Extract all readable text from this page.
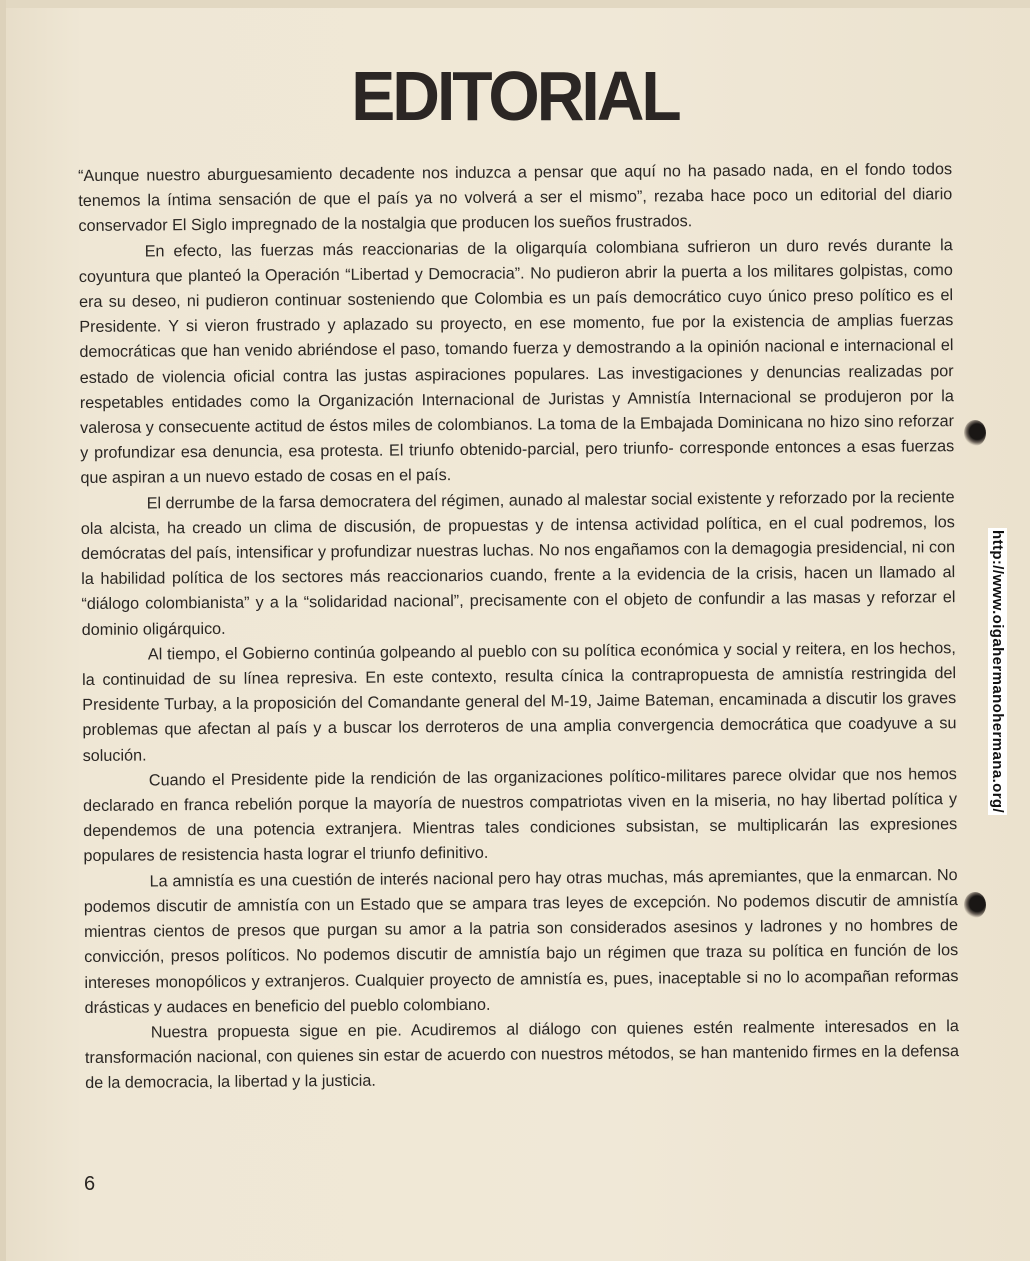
EDITORIAL

“Aunque nuestro aburguesamiento decadente nos induzca a pensar que aquí no ha pasado nada, en el fondo todos tenemos la íntima sensación de que el país ya no volverá a ser el mismo”, rezaba hace poco un editorial del diario conservador El Siglo impregnado de la nostalgia que producen los sueños frustrados.

En efecto, las fuerzas más reaccionarias de la oligarquía colombiana sufrieron un duro revés durante la coyuntura que planteó la Operación “Libertad y Democracia”. No pudieron abrir la puerta a los militares golpistas, como era su deseo, ni pudieron continuar sosteniendo que Colombia es un país democrático cuyo único preso político es el Presidente. Y si vieron frustrado y aplazado su proyecto, en ese momento, fue por la existencia de amplias fuerzas democráticas que han venido abriéndose el paso, tomando fuerza y demostrando a la opinión nacional e internacional el estado de violencia oficial contra las justas aspiraciones populares. Las investigaciones y denuncias realizadas por respetables entidades como la Organización Internacional de Juristas y Amnistía Internacional se produjeron por la valerosa y consecuente actitud de éstos miles de colombianos. La toma de la Embajada Dominicana no hizo sino reforzar y profundizar esa denuncia, esa protesta. El triunfo obtenido-parcial, pero triunfo- corresponde entonces a esas fuerzas que aspiran a un nuevo estado de cosas en el país.

El derrumbe de la farsa democratera del régimen, aunado al malestar social existente y reforzado por la reciente ola alcista, ha creado un clima de discusión, de propuestas y de intensa actividad política, en el cual podremos, los demócratas del país, intensificar y profundizar nuestras luchas. No nos engañamos con la demagogia presidencial, ni con la habilidad política de los sectores más reaccionarios cuando, frente a la evidencia de la crisis, hacen un llamado al “diálogo colombianista” y a la “solidaridad nacional”, precisamente con el objeto de confundir a las masas y reforzar el dominio oligárquico.

Al tiempo, el Gobierno continúa golpeando al pueblo con su política económica y social y reitera, en los hechos, la continuidad de su línea represiva. En este contexto, resulta cínica la contrapropuesta de amnistía restringida del Presidente Turbay, a la proposición del Comandante general del M-19, Jaime Bateman, encaminada a discutir los graves problemas que afectan al país y a buscar los derroteros de una amplia convergencia democrática que coadyuve a su solución.

Cuando el Presidente pide la rendición de las organizaciones político-militares parece olvidar que nos hemos declarado en franca rebelión porque la mayoría de nuestros compatriotas viven en la miseria, no hay libertad política y dependemos de una potencia extranjera. Mientras tales condiciones subsistan, se multiplicarán las expresiones populares de resistencia hasta lograr el triunfo definitivo.

La amnistía es una cuestión de interés nacional pero hay otras muchas, más apremiantes, que la enmarcan. No podemos discutir de amnistía con un Estado que se ampara tras leyes de excepción. No podemos discutir de amnistía mientras cientos de presos que purgan su amor a la patria son considerados asesinos y ladrones y no hombres de convicción, presos políticos. No podemos discutir de amnistía bajo un régimen que traza su política en función de los intereses monopólicos y extranjeros. Cualquier proyecto de amnistía es, pues, inaceptable si no lo acompañan reformas drásticas y audaces en beneficio del pueblo colombiano.

Nuestra propuesta sigue en pie. Acudiremos al diálogo con quienes estén realmente interesados en la transformación nacional, con quienes sin estar de acuerdo con nuestros métodos, se han mantenido firmes en la defensa de la democracia, la libertad y la justicia.

6
http://www.oigahermanohermana.org/
